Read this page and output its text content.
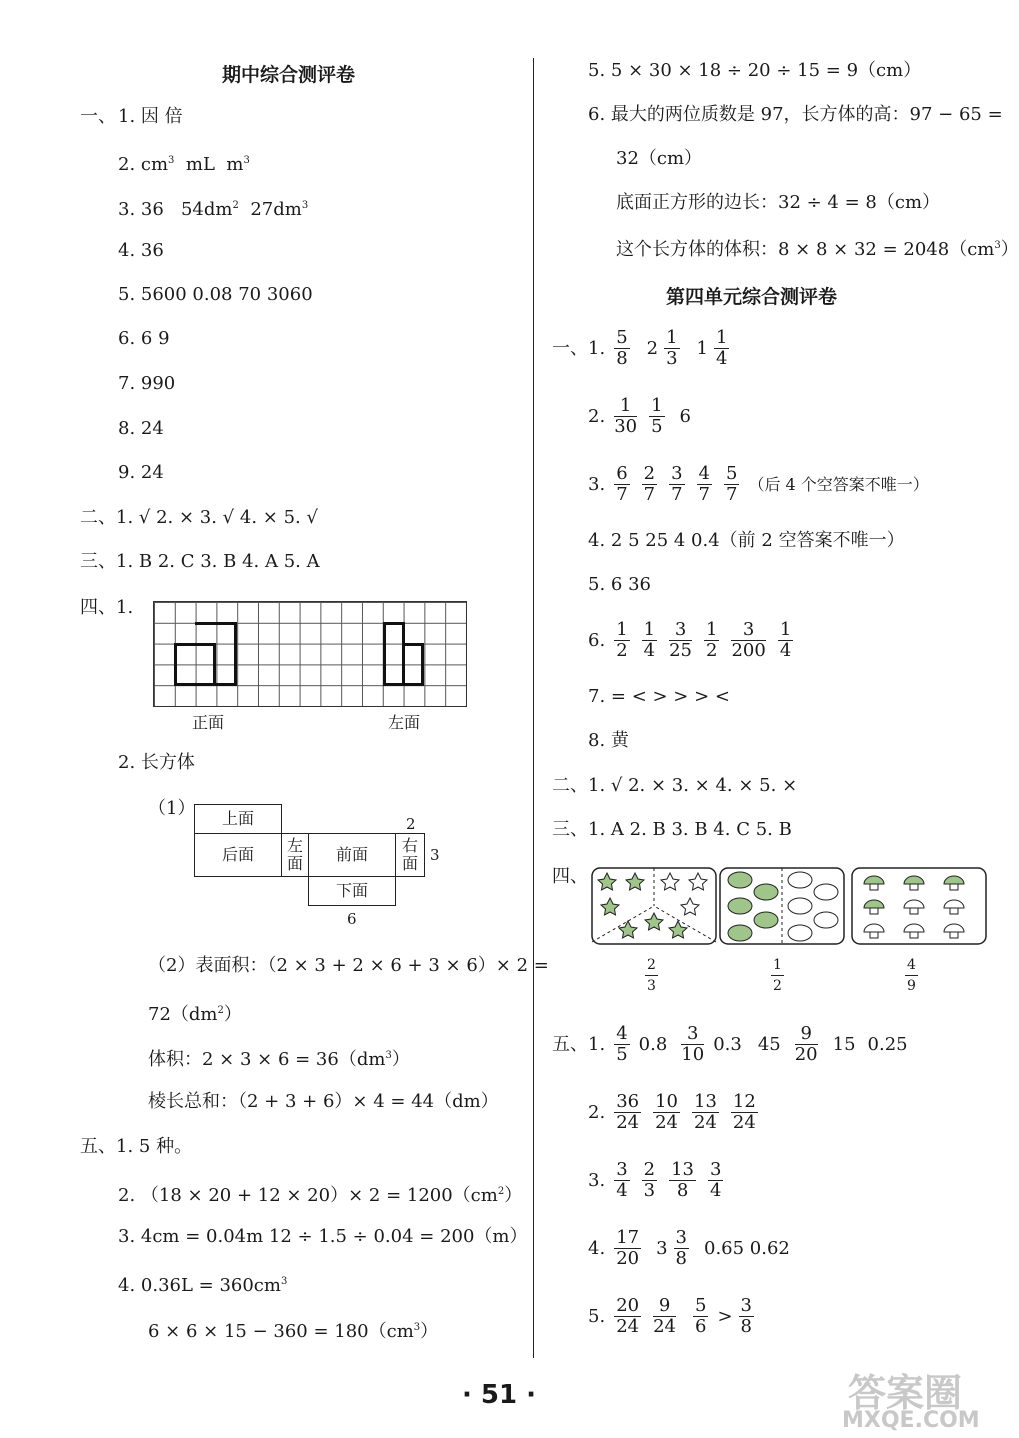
期中综合测评卷
一、 1. 因 倍
2. $cm^3$ mL $m^3$
3. 36 $54dm^2$ $27dm^3$
4. 36
5. 5600 0.08 70 3060
6. 6 9
7. 990
8. 24
9. 24
二、1. √ 2. × 3. √ 4. × 5. √
三、1. B 2. C 3. B 4. A 5. A
四、1.
正面	左面
2. 长方体
（1）	上面
后面	左面	前面	右面
下面
2
3
6
（2）表面积：（2 × 3 + 2 × 6 + 3 × 6）× 2 =
$72(dm^2)$
体积：$2 \times 3 \times 6 = 36(dm^3)$
棱长总和：（2 + 3 + 6）× 4 = 44（dm）
五、1. 5 种。
2. $(18 \times 20 + 12 \times 20)\times 2 = 1200(cm^2)$
3. 4cm = 0.04m 12 ÷ 1.5 ÷ 0.04 = 200（m）
4. $0.36L = 360cm^3$
$6 \times 6 \times 15 - 360 = 180(cm^3)$
5. 5 × 30 × 18 ÷ 20 ÷ 15 = 9（cm）
6. 最大的两位质数是 97，长方体的高：97 − 65 =
32（cm）
底面正方形的边长：32 ÷ 4 = 8（cm）
这个长方体的体积：$8 \times 8 \times 32 = 2048(cm^3)$
第四单元综合测评卷
一、1. $\frac{5}{8} 2 \frac{1}{3} 1 \frac{1}{4}$
2. $\frac{1}{30} \frac{1}{5} 6$
3. $\frac{6}{7} \frac{2}{7} \frac{3}{7} \frac{4}{7} \frac{5}{7}$ （后 4 个空答案不唯一）
4. 2 5 25 4 0.4（前 2 空答案不唯一）
5. 6 36
6. $\frac{1}{2} \frac{1}{4} \frac{3}{25} \frac{1}{2} \frac{3}{200} \frac{1}{4}$
7. = < > > > <
8. 黄
二、1. √ 2. × 3. × 4. × 5. ×
三、1. A 2. B 3. B 4. C 5. B
四、
$\frac{2}{3}$	$\frac{1}{2}$	$\frac{4}{9}$
五、1. $\frac{4}{5} 0.8 \frac{3}{10} 0.3$ $45 \frac{9}{20} 15$ 0.25
2. $\frac{36}{24} \frac{10}{24} \frac{13}{24} \frac{12}{24}$
3. $\frac{3}{4} \frac{2}{3} \frac{13}{8} \frac{3}{4}$
4. $\frac{17}{20} 3 \frac{3}{8} 0.65$ 0.62
5. $\frac{20}{24} \frac{9}{24} \frac{5}{6} > \frac{3}{8}$
· 51 ·	答案圈
MXQE.COM
